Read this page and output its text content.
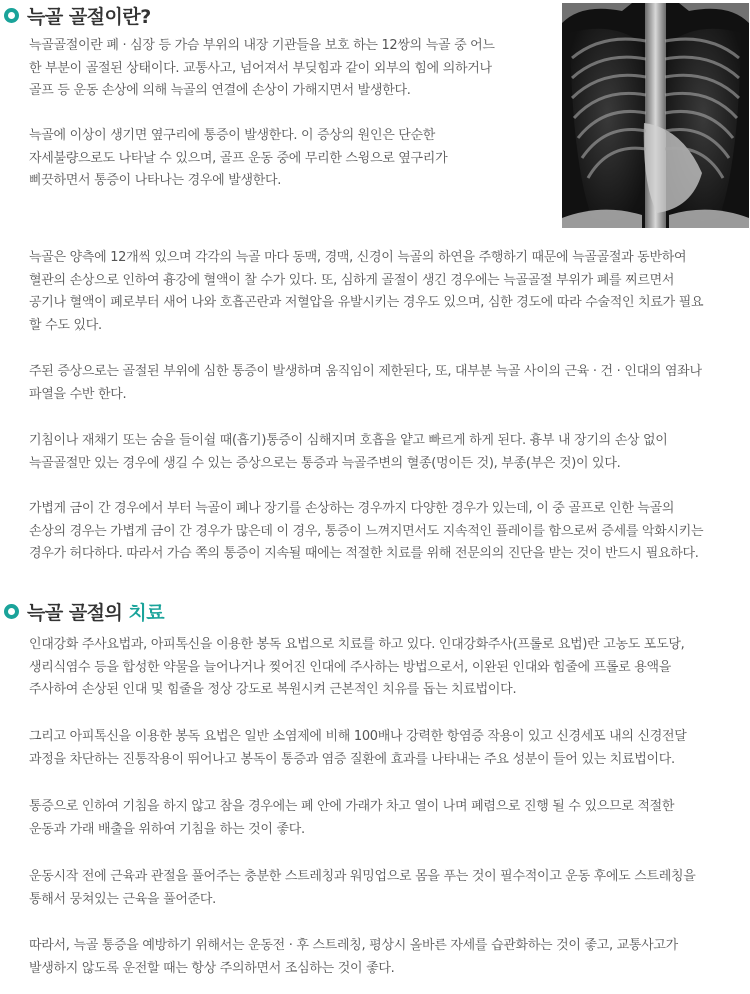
늑골 골절이란?
늑골골절이란 폐 · 심장 등 가슴 부위의 내장 기관들을 보호 하는 12쌍의 늑골 중 어느
한 부분이 골절된 상태이다. 교통사고, 넘어져서 부딪힘과 같이 외부의 힘에 의하거나
골프 등 운동 손상에 의해 늑골의 연결에 손상이 가해지면서 발생한다.
늑골에 이상이 생기면 옆구리에 통증이 발생한다. 이 증상의 원인은 단순한
자세불량으로도 나타날 수 있으며, 골프 운동 중에 무리한 스윙으로 옆구리가
삐끗하면서 통증이 나타나는 경우에 발생한다.
늑골은 양측에 12개씩 있으며 각각의 늑골 마다 동맥, 경맥, 신경이 늑골의 하연을 주행하기 때문에 늑골골절과 동반하여
혈관의 손상으로 인하여 흉강에 혈액이 찰 수가 있다. 또, 심하게 골절이 생긴 경우에는 늑골골절 부위가 폐를 찌르면서
공기나 혈액이 폐로부터 새어 나와 호흡곤란과 저혈압을 유발시키는 경우도 있으며, 심한 경도에 따라 수술적인 치료가 필요
할 수도 있다.
주된 증상으로는 골절된 부위에 심한 통증이 발생하며 움직임이 제한된다, 또, 대부분 늑골 사이의 근육 · 건 · 인대의 염좌나
파열을 수반 한다.
기침이나 재채기 또는 숨을 들이쉴 때(흡기)통증이 심해지며 호흡을 얕고 빠르게 하게 된다. 흉부 내 장기의 손상 없이
늑골골절만 있는 경우에 생길 수 있는 증상으로는 통증과 늑골주변의 혈종(멍이든 것), 부종(부은 것)이 있다.
가볍게 금이 간 경우에서 부터 늑골이 폐나 장기를 손상하는 경우까지 다양한 경우가 있는데, 이 중 골프로 인한 늑골의
손상의 경우는 가볍게 금이 간 경우가 많은데 이 경우, 통증이 느껴지면서도 지속적인 플레이를 함으로써 증세를 악화시키는
경우가 허다하다. 따라서 가슴 쪽의 통증이 지속될 때에는 적절한 치료를 위해 전문의의 진단을 받는 것이 반드시 필요하다.
늑골 골절의 치료
인대강화 주사요법과, 아피톡신을 이용한 봉독 요법으로 치료를 하고 있다. 인대강화주사(프롤로 요법)란 고농도 포도당,
생리식염수 등을 합성한 약물을 늘어나거나 찢어진 인대에 주사하는 방법으로서, 이완된 인대와 힘줄에 프롤로 용액을
주사하여 손상된 인대 및 힘줄을 정상 강도로 복원시켜 근본적인 치유를 돕는 치료법이다.
그리고 아피톡신을 이용한 봉독 요법은 일반 소염제에 비해 100배나 강력한 항염증 작용이 있고 신경세포 내의 신경전달
과정을 차단하는 진통작용이 뛰어나고 봉독이 통증과 염증 질환에 효과를 나타내는 주요 성분이 들어 있는 치료법이다.
통증으로 인하여 기침을 하지 않고 참을 경우에는 폐 안에 가래가 차고 열이 나며 폐렴으로 진행 될 수 있으므로 적절한
운동과 가래 배출을 위하여 기침을 하는 것이 좋다.
운동시작 전에 근육과 관절을 풀어주는 충분한 스트레칭과 워밍업으로 몸을 푸는 것이 필수적이고 운동 후에도 스트레칭을
통해서 뭉쳐있는 근육을 풀어준다.
따라서, 늑골 통증을 예방하기 위해서는 운동전 · 후 스트레칭, 평상시 올바른 자세를 습관화하는 것이 좋고, 교통사고가
발생하지 않도록 운전할 때는 항상 주의하면서 조심하는 것이 좋다.
